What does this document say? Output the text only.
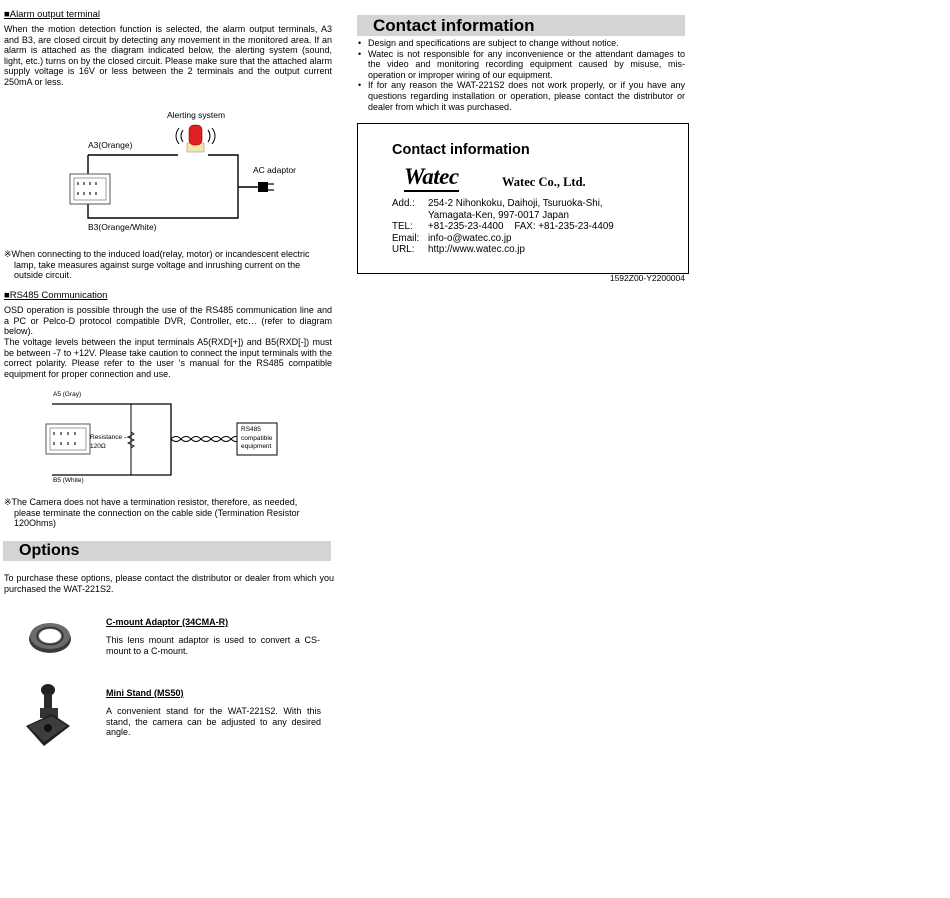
■Alarm output terminal
When the motion detection function is selected, the alarm output terminals, A3 and B3, are closed circuit by detecting any movement in the monitored area. If an alarm is attached as the diagram indicated below, the alerting system (sound, light, etc.) turns on by the closed circuit. Please make sure that the attached alarm supply voltage is 16V or less between the 2 terminals and the output current 250mA or less.
Alerting system
A3(Orange)
B3(Orange/White)
AC adaptor
※When connecting to the induced load(relay, motor) or incandescent electric
lamp, take measures against surge voltage and inrushing current on the
outside circuit.
■RS485 Communication
OSD operation is possible through the use of the RS485 communication line and a PC or Pelco-D protocol compatible DVR, Controller, etc… (refer to diagram below).
The voltage levels between the input terminals A5(RXD[+]) and B5(RXD[-]) must be between -7 to +12V. Please take caution to connect the input terminals with the correct polarity. Please refer to the user 's manual for the RS485 compatible equipment for proper connection and use.
A5 (Gray)
B5 (White)
Resistance ---
120Ω
RS485
compatible
equipment
※The Camera does not have a termination resistor, therefore, as needed,
please terminate the connection on the cable side (Termination Resistor
120Ohms)
Options
To purchase these options, please contact the distributor or dealer from which you purchased the WAT-221S2.
C-mount Adaptor (34CMA-R)
This lens mount adaptor is used to convert a CS-mount to a C-mount.
Mini Stand (MS50)
A convenient stand for the WAT-221S2. With this stand, the camera can be adjusted to any desired angle.
Contact information
• Design and specifications are subject to change without notice.
• Watec is not responsible for any inconvenience or the attendant damages to the video and monitoring recording equipment caused by misuse, mis-operation or improper wiring of our equipment.
• If for any reason the WAT-221S2 does not work properly, or if you have any questions regarding installation or operation, please contact the distributor or dealer from which it was purchased.
Contact information
Watec	Watec Co., Ltd.
Add.:	254-2 Nihonkoku, Daihoji, Tsuruoka-Shi,
Yamagata-Ken, 997-0017 Japan
TEL:	+81-235-23-4400    FAX: +81-235-23-4409
Email: info-o@watec.co.jp
URL:	http://www.watec.co.jp
1592Z00-Y2200004
